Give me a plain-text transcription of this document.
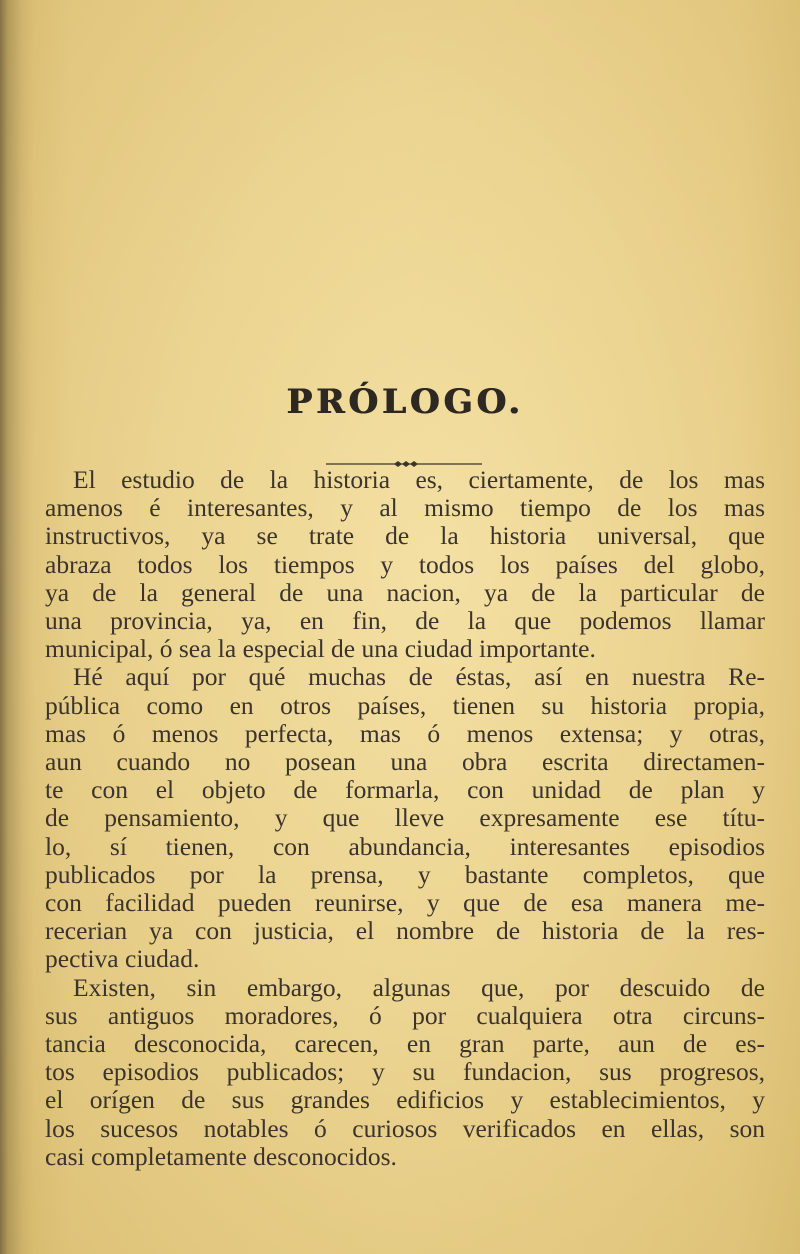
PRÓLOGO.
El estudio de la historia es, ciertamente, de los mas
amenos é interesantes, y al mismo tiempo de los mas
instructivos, ya se trate de la historia universal, que
abraza todos los tiempos y todos los países del globo,
ya de la general de una nacion, ya de la particular de
una provincia, ya, en fin, de la que podemos llamar
municipal, ó sea la especial de una ciudad importante.
Hé aquí por qué muchas de éstas, así en nuestra Re-
pública como en otros países, tienen su historia propia,
mas ó menos perfecta, mas ó menos extensa; y otras,
aun cuando no posean una obra escrita directamen-
te con el objeto de formarla, con unidad de plan y
de pensamiento, y que lleve expresamente ese títu-
lo, sí tienen, con abundancia, interesantes episodios
publicados por la prensa, y bastante completos, que
con facilidad pueden reunirse, y que de esa manera me-
recerian ya con justicia, el nombre de historia de la res-
pectiva ciudad.
Existen, sin embargo, algunas que, por descuido de
sus antiguos moradores, ó por cualquiera otra circuns-
tancia desconocida, carecen, en gran parte, aun de es-
tos episodios publicados; y su fundacion, sus progresos,
el orígen de sus grandes edificios y establecimientos, y
los sucesos notables ó curiosos verificados en ellas, son
casi completamente desconocidos.
